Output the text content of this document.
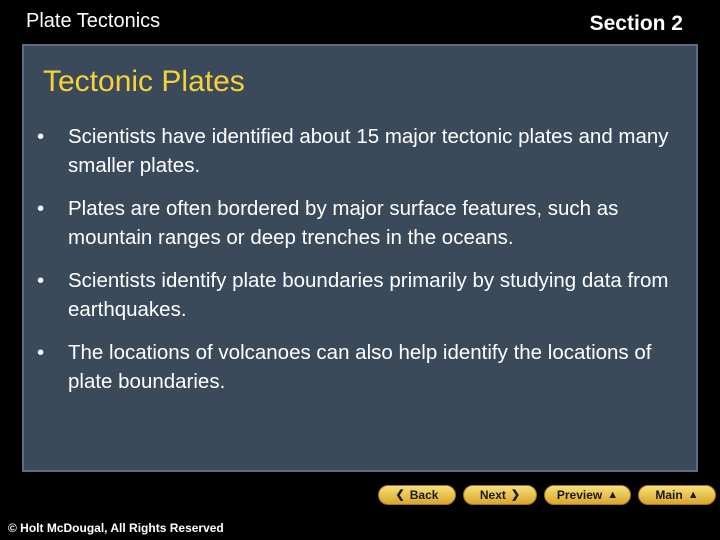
Plate Tectonics	Section 2
Tectonic Plates
• Scientists have identified about 15 major tectonic plates and many smaller plates.
• Plates are often bordered by major surface features, such as mountain ranges or deep trenches in the oceans.
• Scientists identify plate boundaries primarily by studying data from earthquakes.
• The locations of volcanoes can also help identify the locations of plate boundaries.
❮ Back	Next ❯	Preview ▲	Main ▲
© Holt McDougal, All Rights Reserved
